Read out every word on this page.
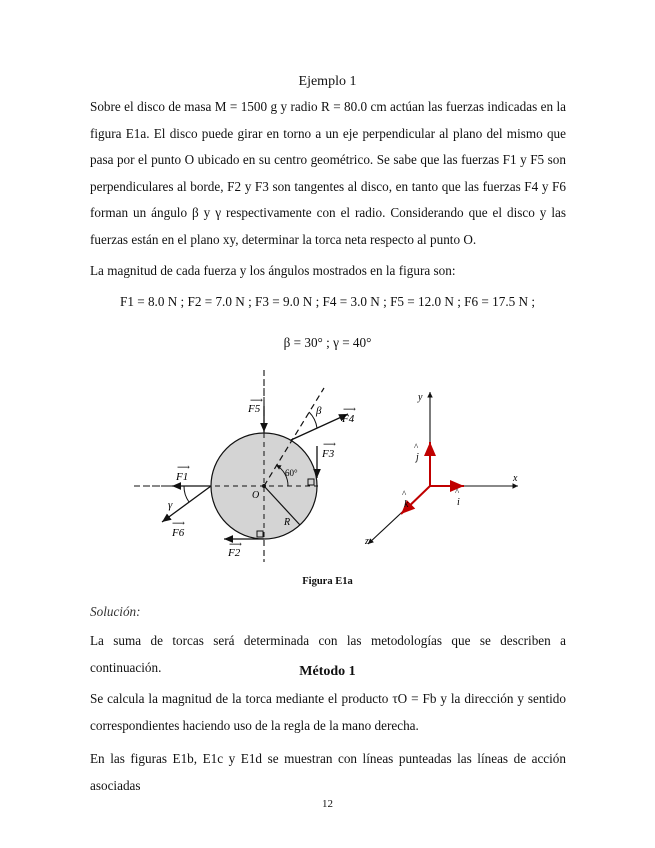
Ejemplo 1
Sobre el disco de masa M = 1500 g y radio R = 80.0 cm actúan las fuerzas indicadas en la figura E1a. El disco puede girar en torno a un eje perpendicular al plano del mismo que pasa por el punto O ubicado en su centro geométrico. Se sabe que las fuerzas F1 y F5 son perpendiculares al borde, F2 y F3 son tangentes al disco, en tanto que las fuerzas F4 y F6 forman un ángulo β y γ respectivamente con el radio. Considerando que el disco y las fuerzas están en el plano xy, determinar la torca neta respecto al punto O.
La magnitud de cada fuerza y los ángulos mostrados en la figura son:
F1 = 8.0 N ; F2 = 7.0 N ; F3 = 9.0 N ; F4 = 3.0 N ; F5 = 12.0 N ; F6 = 17.5 N ;
β = 30° ; γ = 40°
F5
⟶
F1
⟶
F6
⟶
F2
⟶
F3
⟶
F4
⟶
β
γ
60°
O
R
y
x
z
i
^
j
^
k
^
Figura E1a
Solución:
La suma de torcas será determinada con las metodologías que se describen a continuación.	Método 1
Se calcula la magnitud de la torca mediante el producto τO = Fb y la dirección y sentido correspondientes haciendo uso de la regla de la mano derecha.
En las figuras E1b, E1c y E1d se muestran con líneas punteadas las líneas de acción asociadas
12
